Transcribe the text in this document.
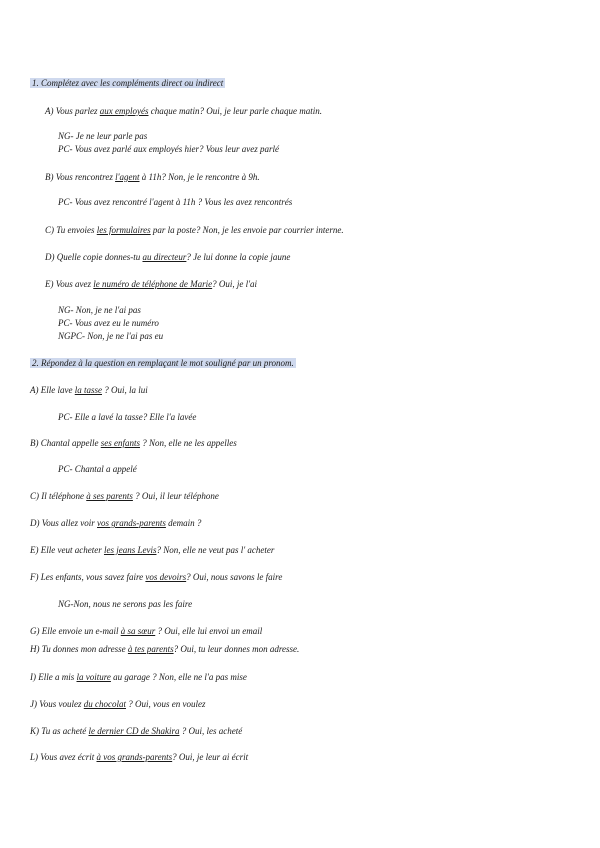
1. Complétez avec les compléments direct ou indirect
A) Vous parlez aux employés chaque matin? Oui, je leur parle chaque matin.
NG- Je ne leur parle pas
PC- Vous avez parlé aux employés hier? Vous leur avez parlé
B) Vous rencontrez l'agent à 11h? Non, je le rencontre à 9h.
PC- Vous avez rencontré l'agent à 11h ? Vous les avez rencontrés
C) Tu envoies les formulaires par la poste? Non, je les envoie par courrier interne.
D) Quelle copie donnes-tu au directeur? Je lui donne la copie jaune
E) Vous avez le numéro de téléphone de Marie? Oui, je l'ai
NG- Non, je ne l'ai pas
PC- Vous avez eu le numéro
NGPC- Non, je ne l'ai pas eu
2. Répondez à la question en remplaçant le mot souligné par un pronom.
A) Elle lave la tasse ? Oui, la lui
PC- Elle a lavé la tasse? Elle l'a lavée
B) Chantal appelle ses enfants ? Non, elle ne les appelles
PC- Chantal a appelé
C) Il téléphone à ses parents ? Oui, il leur téléphone
D) Vous allez voir vos grands-parents demain ?
E) Elle veut acheter les jeans Levis? Non, elle ne veut pas l' acheter
F) Les enfants, vous savez faire vos devoirs? Oui, nous savons le faire
NG-Non, nous ne serons pas les faire
G) Elle envoie un e-mail à sa sœur ? Oui, elle lui envoi un email
H) Tu donnes mon adresse à tes parents? Oui, tu leur donnes mon adresse.
I) Elle a mis la voiture au garage ? Non, elle ne l'a pas mise
J) Vous voulez du chocolat ? Oui, vous en voulez
K) Tu as acheté le dernier CD de Shakira ? Oui, les acheté
L) Vous avez écrit à vos grands-parents? Oui, je leur ai écrit
